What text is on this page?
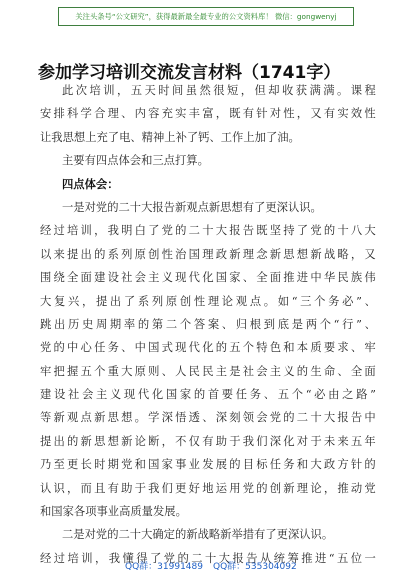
关注头条号“公文研究”，获得最新最全最专业的公文资料库！ 微信：gongwenyj
参加学习培训交流发言材料（1741字）
此 次 培 训 ， 五 天 时 间 虽 然 很 短 ， 但 却 收 获 满 满 。 课 程
安 排 科 学 合 理 、 内 容 充 实 丰 富 ， 既 有 针 对 性 ， 又 有 实 效 性
让我思想上充了电、精神上补了钙、工作上加了油。
主要有四点体会和三点打算。
四点体会：
一是对党的二十大报告新观点新思想有了更深认识。
经 过 培 训 ， 我 明 白 了 党 的 二 十 大 报 告 既 坚 持 了 党 的 十 八 大
以 来 提 出 的 系 列 原 创 性 治 国 理 政 新 理 念 新 思 想 新 战 略 ， 又
围 绕 全 面 建 设 社 会 主 义 现 代 化 国 家 、 全 面 推 进 中 华 民 族 伟
大 复 兴 ， 提 出 了 系 列 原 创 性 理 论 观 点 。 如 “ 三 个 务 必 ” 、
跳 出 历 史 周 期 率 的 第 二 个 答 案 、 归 根 到 底 是 两 个 “ 行 ” 、
党 的 中 心 任 务 、 中 国 式 现 代 化 的 五 个 特 色 和 本 质 要 求 、 牢
牢 把 握 五 个 重 大 原 则 、 人 民 民 主 是 社 会 主 义 的 生 命 、 全 面
建 设 社 会 主 义 现 代 化 国 家 的 首 要 任 务 、 五 个 “ 必 由 之 路 ”
等 新 观 点 新 思 想 。 学 深 悟 透 、 深 刻 领 会 党 的 二 十 大 报 告 中
提 出 的 新 思 想 新 论 断 ， 不 仅 有 助 于 我 们 深 化 对 于 未 来 五 年
乃 至 更 长 时 期 党 和 国 家 事 业 发 展 的 目 标 任 务 和 大 政 方 针 的
认 识 ， 而 且 有 助 于 我 们 更 好 地 运 用 党 的 创 新 理 论 ， 推 动 党
和国家各项事业高质量发展。
二是对党的二十大确定的新战略新举措有了更深认识。
经 过 培 训 ， 我 懂 得 了 党 的 二 十 大 报 告 从 统 筹 推 进 “ 五 位 一
QQ群：31991489 QQ群：535304092
